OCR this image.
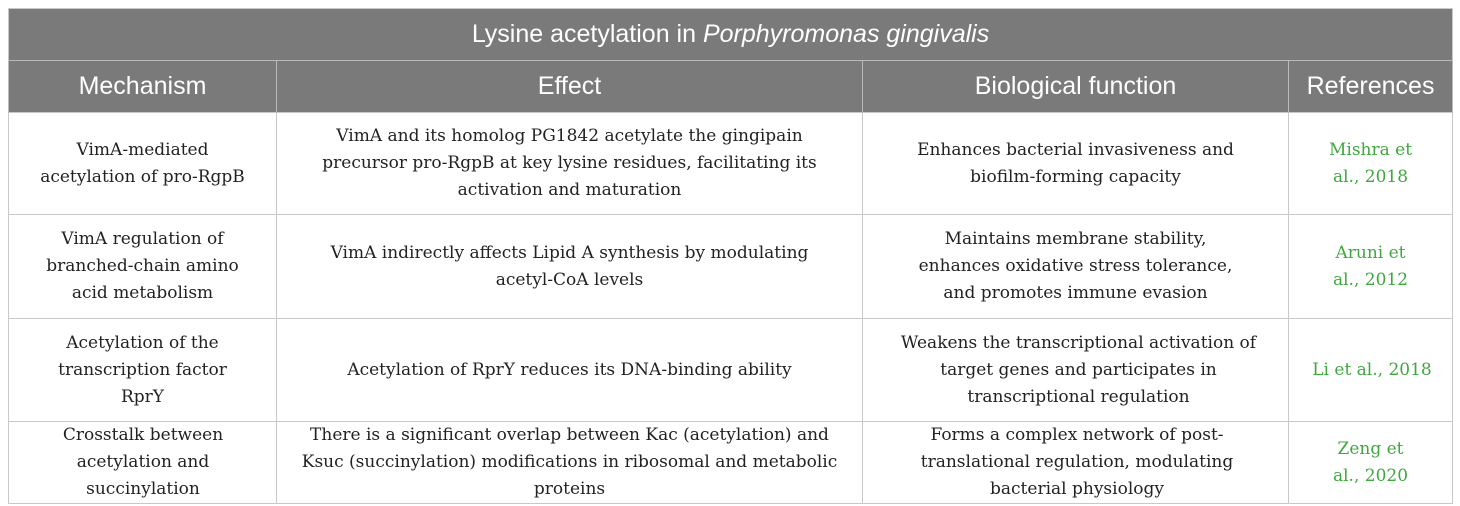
Lysine acetylation in Porphyromonas gingivalis			
Mechanism	Effect	Biological function	References
VimA-mediated acetylation of pro-RgpB	VimA and its homolog PG1842 acetylate the gingipain precursor pro-RgpB at key lysine residues, facilitating its activation and maturation	Enhances bacterial invasiveness and biofilm-forming capacity	Mishra et al., 2018
VimA regulation of branched-chain amino acid metabolism	VimA indirectly affects Lipid A synthesis by modulating acetyl-CoA levels	Maintains membrane stability, enhances oxidative stress tolerance, and promotes immune evasion	Aruni et al., 2012
Acetylation of the transcription factor RprY	Acetylation of RprY reduces its DNA-binding ability	Weakens the transcriptional activation of target genes and participates in transcriptional regulation	Li et al., 2018
Crosstalk between acetylation and succinylation	There is a significant overlap between Kac (acetylation) and Ksuc (succinylation) modifications in ribosomal and metabolic proteins	Forms a complex network of post-translational regulation, modulating bacterial physiology	Zeng et al., 2020
